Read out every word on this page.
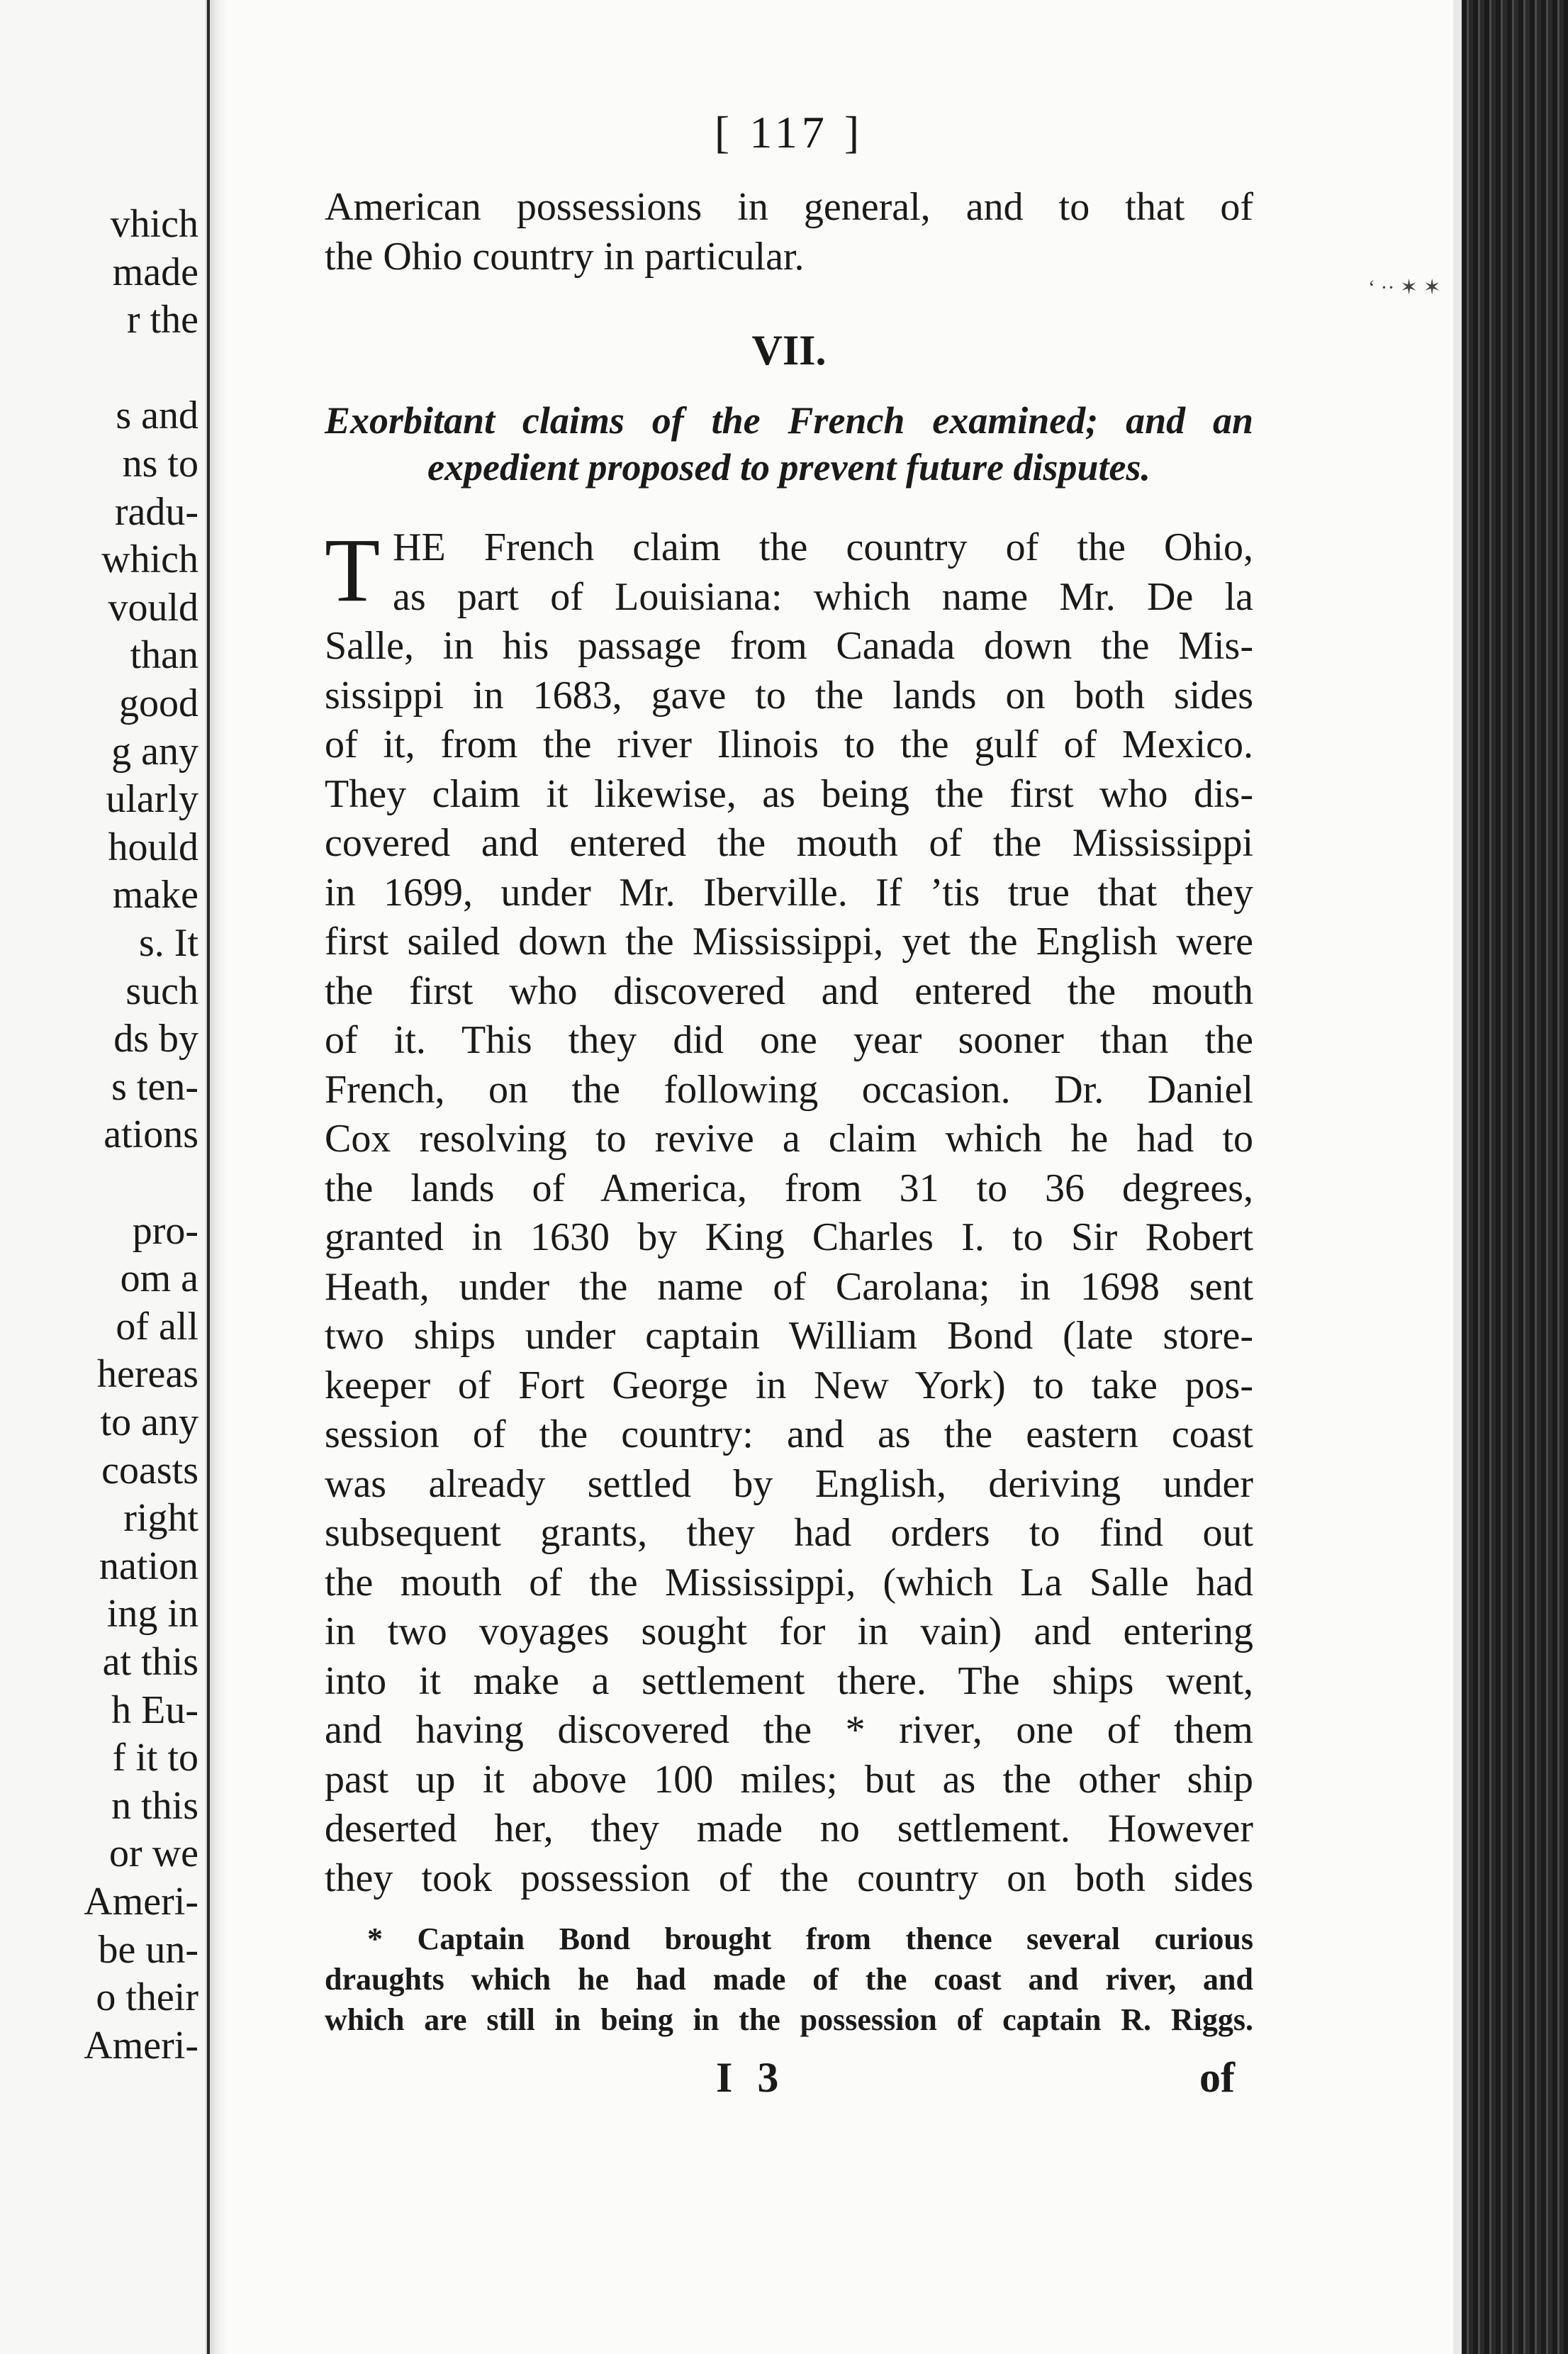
vhich
made
r the
s and
ns to
radu-
which
vould
than
good
g any
ularly
hould
make
s. It
such
ds by
s ten-
ations
pro-
om a
of all
hereas
to any
coasts
right
nation
ing in
at this
h Eu-
f it to
n this
or we
Ameri-
be un-
o their
Ameri-
‘ ·· ✶ ✶
[ 117 ]
American possessions in general, and to that of
the Ohio country in particular.
VII.
Exorbitant claims of the French examined; and an
expedient proposed to prevent future disputes.
T HE French claim the country of the Ohio,
as part of Louisiana: which name Mr. De la
Salle, in his passage from Canada down the Mis-
sissippi in 1683, gave to the lands on both sides
of it, from the river Ilinois to the gulf of Mexico.
They claim it likewise, as being the first who dis-
covered and entered the mouth of the Mississippi
in 1699, under Mr. Iberville. If ’tis true that they
first sailed down the Mississippi, yet the English were
the first who discovered and entered the mouth
of it. This they did one year sooner than the
French, on the following occasion. Dr. Daniel
Cox resolving to revive a claim which he had to
the lands of America, from 31 to 36 degrees,
granted in 1630 by King Charles I. to Sir Robert
Heath, under the name of Carolana; in 1698 sent
two ships under captain William Bond (late store-
keeper of Fort George in New York) to take pos-
session of the country: and as the eastern coast
was already settled by English, deriving under
subsequent grants, they had orders to find out
the mouth of the Mississippi, (which La Salle had
in two voyages sought for in vain) and entering
into it make a settlement there. The ships went,
and having discovered the * river, one of them
past up it above 100 miles; but as the other ship
deserted her, they made no settlement. However
they took possession of the country on both sides
* Captain Bond brought from thence several curious
draughts which he had made of the coast and river, and
which are still in being in the possession of captain R. Riggs.
I 3	of
